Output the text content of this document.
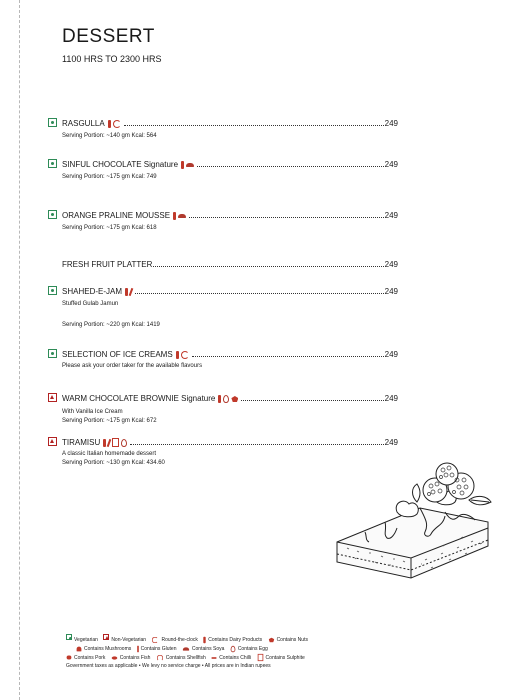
DESSERT
1100 HRS TO 2300 HRS
RASGULLA	249
Serving Portion: ~140 gm Kcal: 564
SINFUL CHOCOLATE Signature	249
Serving Portion: ~175 gm Kcal: 749
ORANGE PRALINE MOUSSE	249
Serving Portion: ~175 gm Kcal: 618
FRESH FRUIT PLATTER	249
SHAHED-E-JAM	249
Stuffed Gulab Jamun
Serving Portion: ~220 gm Kcal: 1419
SELECTION OF ICE CREAMS	249
Please ask your order taker for the available flavours
WARM CHOCOLATE BROWNIE Signature	249
With Vanilla Ice Cream
Serving Portion: ~175 gm Kcal: 672
TIRAMISU	249
A classic Italian homemade dessert
Serving Portion: ~130 gm Kcal: 434.60
Vegetarian	Non-Vegetarian	Round-the-clock Contains Dairy Products	Contains Nuts
Contains Mushrooms Contains Gluten	Contains Soya	Contains Egg
Contains Pork	Contains Fish	Contains Shellfish	Contains Chilli	Contains Sulphite
Government taxes as applicable • We levy no service charge • All prices are in Indian rupees
